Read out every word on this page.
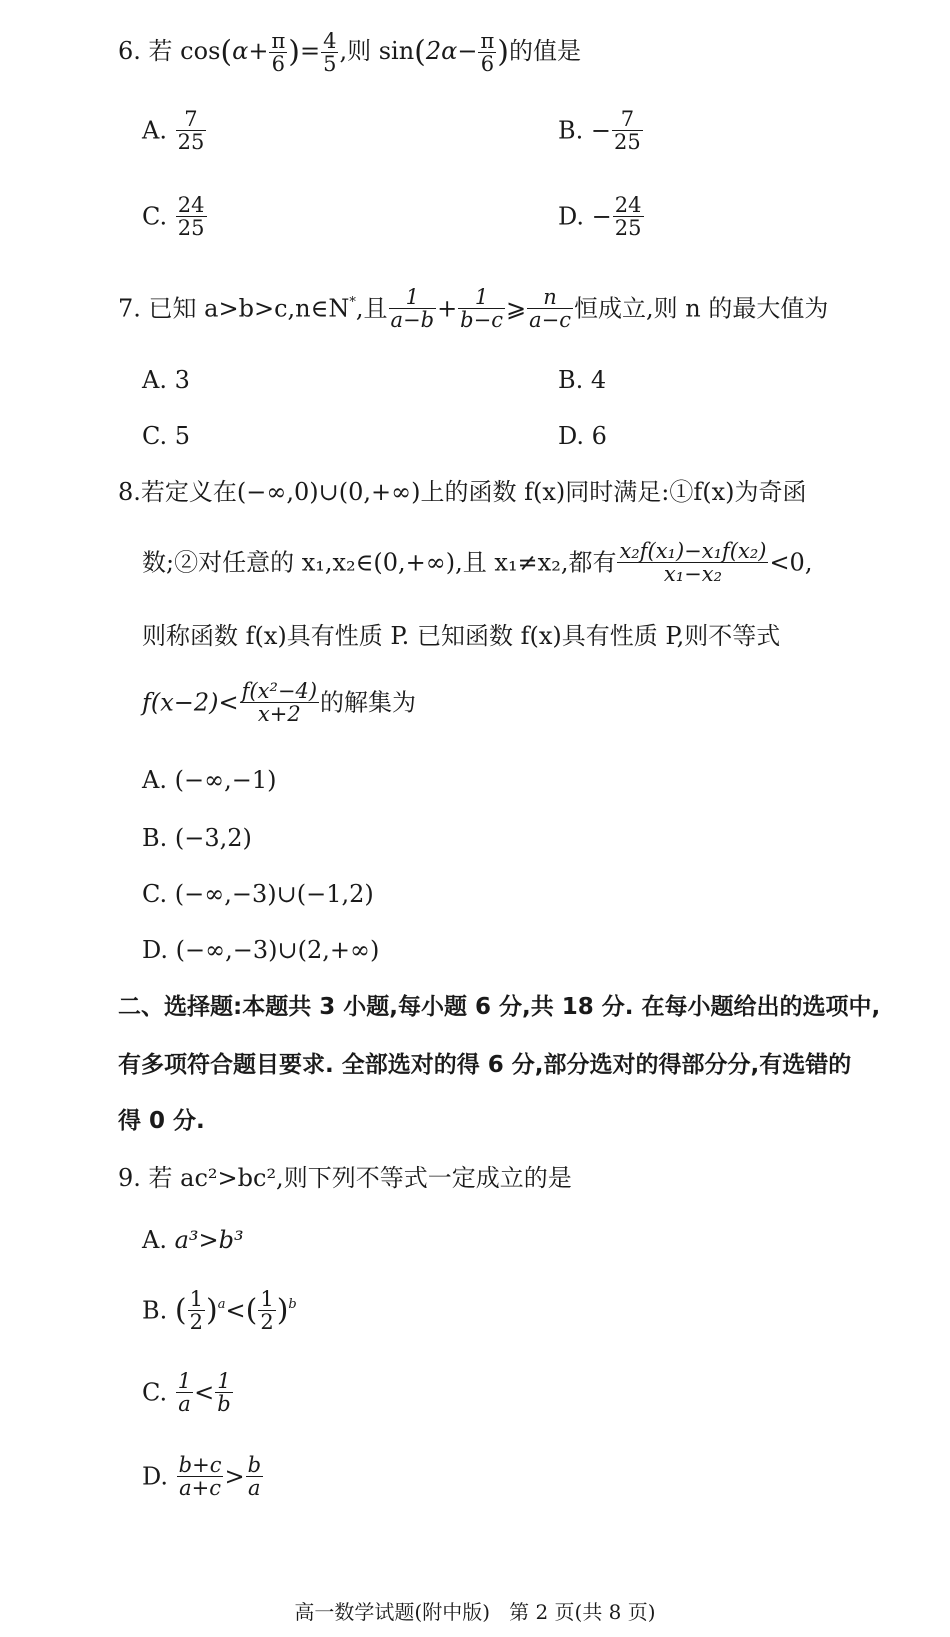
6. 若 $\cos(\alpha+ \frac{\pi}{6}$ )= $\frac{4}{5}$ ,则 $\sin(2\alpha- \frac{\pi}{6}$ )的值是
A. $\frac{7}{25}$	B. − $\frac{7}{25}$
C. $\frac{24}{25}$	D. − $\frac{24}{25}$
7. 已知 a>b>c,n∈N*,且 $\frac{1}{a-b} + \frac{1}{b-c}$ ⩾ $\frac{n}{a-c}$ 恒成立,则 n 的最大值为
A. 3	B. 4
C. 5	D. 6
8.若定义在(−∞,0)∪(0,+∞)上的函数 f(x)同时满足:①f(x)为奇函
数;②对任意的 x₁,x₂∈(0,+∞),且 x₁≠x₂,都有 $\frac{\text{x₂f(x₁)−x₁f(x₂)}}{\text{x₁−x₂}} <0$,
则称函数 f(x)具有性质 P. 已知函数 f(x)具有性质 P,则不等式
$f(x-2)< \frac{\text{f(x²−4)}}{x+2}$ 的解集为
A. (−∞,−1)
B. (−3,2)
C. (−∞,−3)∪(−1,2)
D. (−∞,−3)∪(2,+∞)
二、选择题:本题共 3 小题,每小题 6 分,共 18 分. 在每小题给出的选项中,
有多项符合题目要求. 全部选对的得 6 分,部分选对的得部分分,有选错的
得 0 分.
9. 若 ac²>bc²,则下列不等式一定成立的是
A. a³>b³
B. ( $\frac{1}{2} )^a<( \frac{1}{2} )^b$
C. $\frac{1}{a} < \frac{1}{b}$
D. $\frac{b+c}{a+c} > \frac{b}{a}$
高一数学试题(附中版)   第 2 页(共 8 页)
